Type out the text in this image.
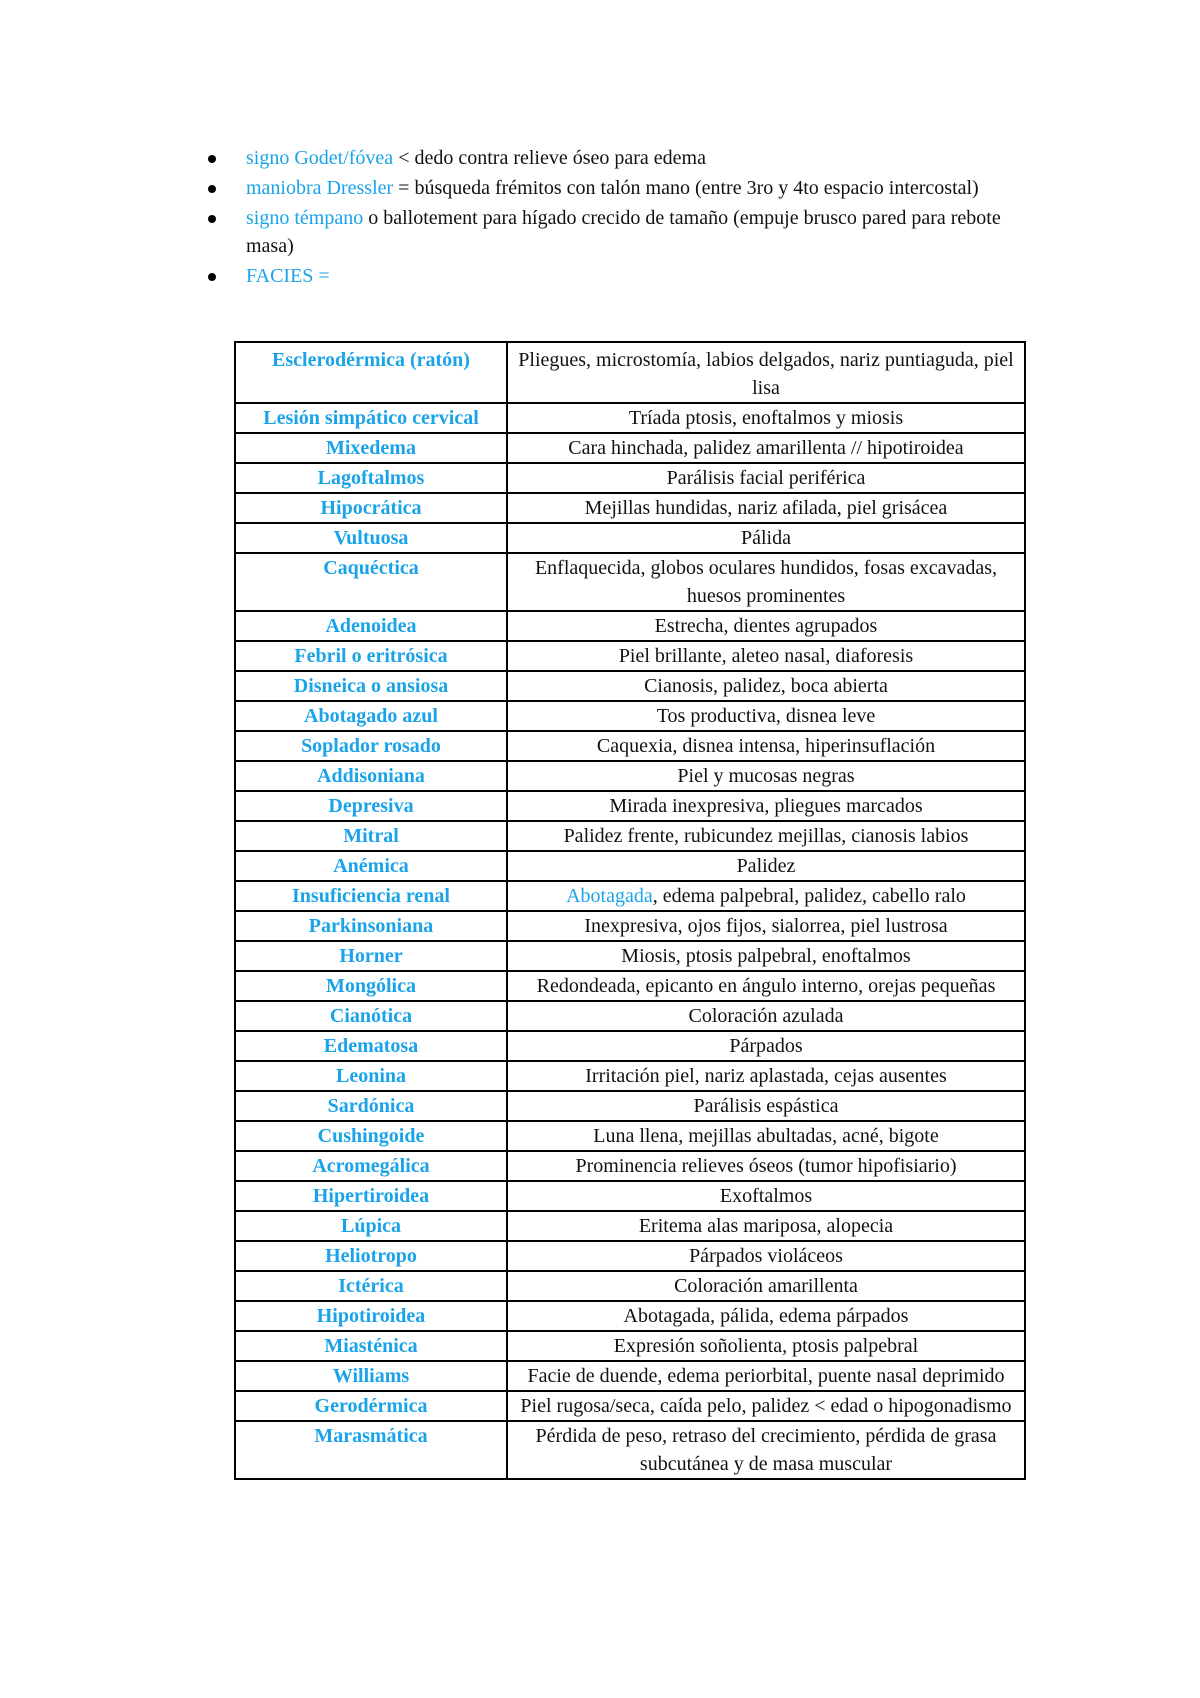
signo Godet/fóvea < dedo contra relieve óseo para edema
maniobra Dressler = búsqueda frémitos con talón mano (entre 3ro y 4to espacio intercostal)
signo témpano o ballotement para hígado crecido de tamaño (empuje brusco pared para rebote masa)
FACIES =
Esclerodérmica (ratón)	Pliegues, microstomía, labios delgados, nariz puntiaguda, piel lisa
Lesión simpático cervical	Tríada ptosis, enoftalmos y miosis
Mixedema	Cara hinchada, palidez amarillenta // hipotiroidea
Lagoftalmos	Parálisis facial periférica
Hipocrática	Mejillas hundidas, nariz afilada, piel grisácea
Vultuosa	Pálida
Caquéctica	Enflaquecida, globos oculares hundidos, fosas excavadas, huesos prominentes
Adenoidea	Estrecha, dientes agrupados
Febril o eritrósica	Piel brillante, aleteo nasal, diaforesis
Disneica o ansiosa	Cianosis, palidez, boca abierta
Abotagado azul	Tos productiva, disnea leve
Soplador rosado	Caquexia, disnea intensa, hiperinsuflación
Addisoniana	Piel y mucosas negras
Depresiva	Mirada inexpresiva, pliegues marcados
Mitral	Palidez frente, rubicundez mejillas, cianosis labios
Anémica	Palidez
Insuficiencia renal	Abotagada, edema palpebral, palidez, cabello ralo
Parkinsoniana	Inexpresiva, ojos fijos, sialorrea, piel lustrosa
Horner	Miosis, ptosis palpebral, enoftalmos
Mongólica	Redondeada, epicanto en ángulo interno, orejas pequeñas
Cianótica	Coloración azulada
Edematosa	Párpados
Leonina	Irritación piel, nariz aplastada, cejas ausentes
Sardónica	Parálisis espástica
Cushingoide	Luna llena, mejillas abultadas, acné, bigote
Acromegálica	Prominencia relieves óseos (tumor hipofisiario)
Hipertiroidea	Exoftalmos
Lúpica	Eritema alas mariposa, alopecia
Heliotropo	Párpados violáceos
Ictérica	Coloración amarillenta
Hipotiroidea	Abotagada, pálida, edema párpados
Miasténica	Expresión soñolienta, ptosis palpebral
Williams	Facie de duende, edema periorbital, puente nasal deprimido
Gerodérmica	Piel rugosa/seca, caída pelo, palidez < edad o hipogonadismo
Marasmática	Pérdida de peso, retraso del crecimiento, pérdida de grasa subcutánea y de masa muscular
